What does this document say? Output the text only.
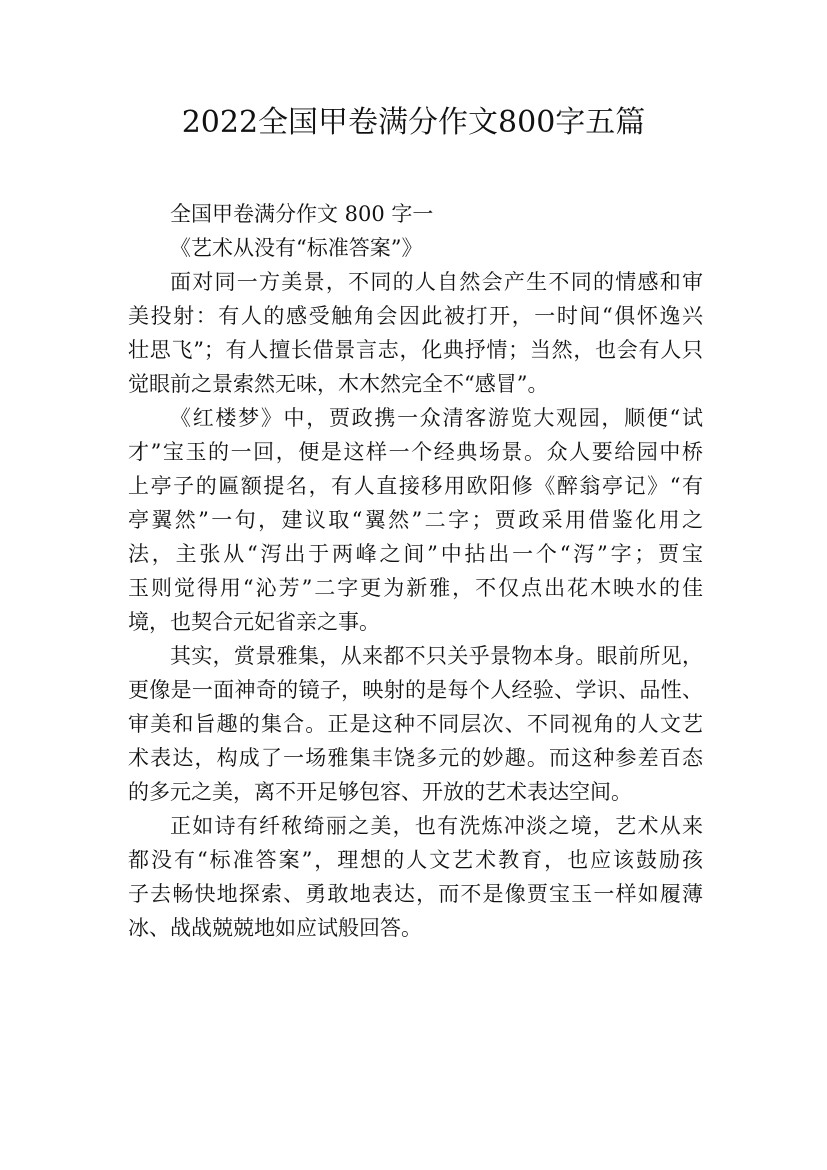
2022全国甲卷满分作文800字五篇
全国甲卷满分作文 800 字一
《艺术从没有“标准答案”》
面对同一方美景，不同的人自然会产生不同的情感和审
美投射：有人的感受触角会因此被打开，一时间“俱怀逸兴
壮思飞”；有人擅长借景言志，化典抒情；当然，也会有人只
觉眼前之景索然无味，木木然完全不“感冒”。
《红楼梦》中，贾政携一众清客游览大观园，顺便“试
才”宝玉的一回，便是这样一个经典场景。众人要给园中桥
上亭子的匾额提名，有人直接移用欧阳修《醉翁亭记》“有
亭翼然”一句，建议取“翼然”二字；贾政采用借鉴化用之
法，主张从“泻出于两峰之间”中拈出一个“泻”字；贾宝
玉则觉得用“沁芳”二字更为新雅，不仅点出花木映水的佳
境，也契合元妃省亲之事。
其实，赏景雅集，从来都不只关乎景物本身。眼前所见，
更像是一面神奇的镜子，映射的是每个人经验、学识、品性、
审美和旨趣的集合。正是这种不同层次、不同视角的人文艺
术表达，构成了一场雅集丰饶多元的妙趣。而这种参差百态
的多元之美，离不开足够包容、开放的艺术表达空间。
正如诗有纤秾绮丽之美，也有洗炼冲淡之境，艺术从来
都没有“标准答案”，理想的人文艺术教育，也应该鼓励孩
子去畅快地探索、勇敢地表达，而不是像贾宝玉一样如履薄
冰、战战兢兢地如应试般回答。
